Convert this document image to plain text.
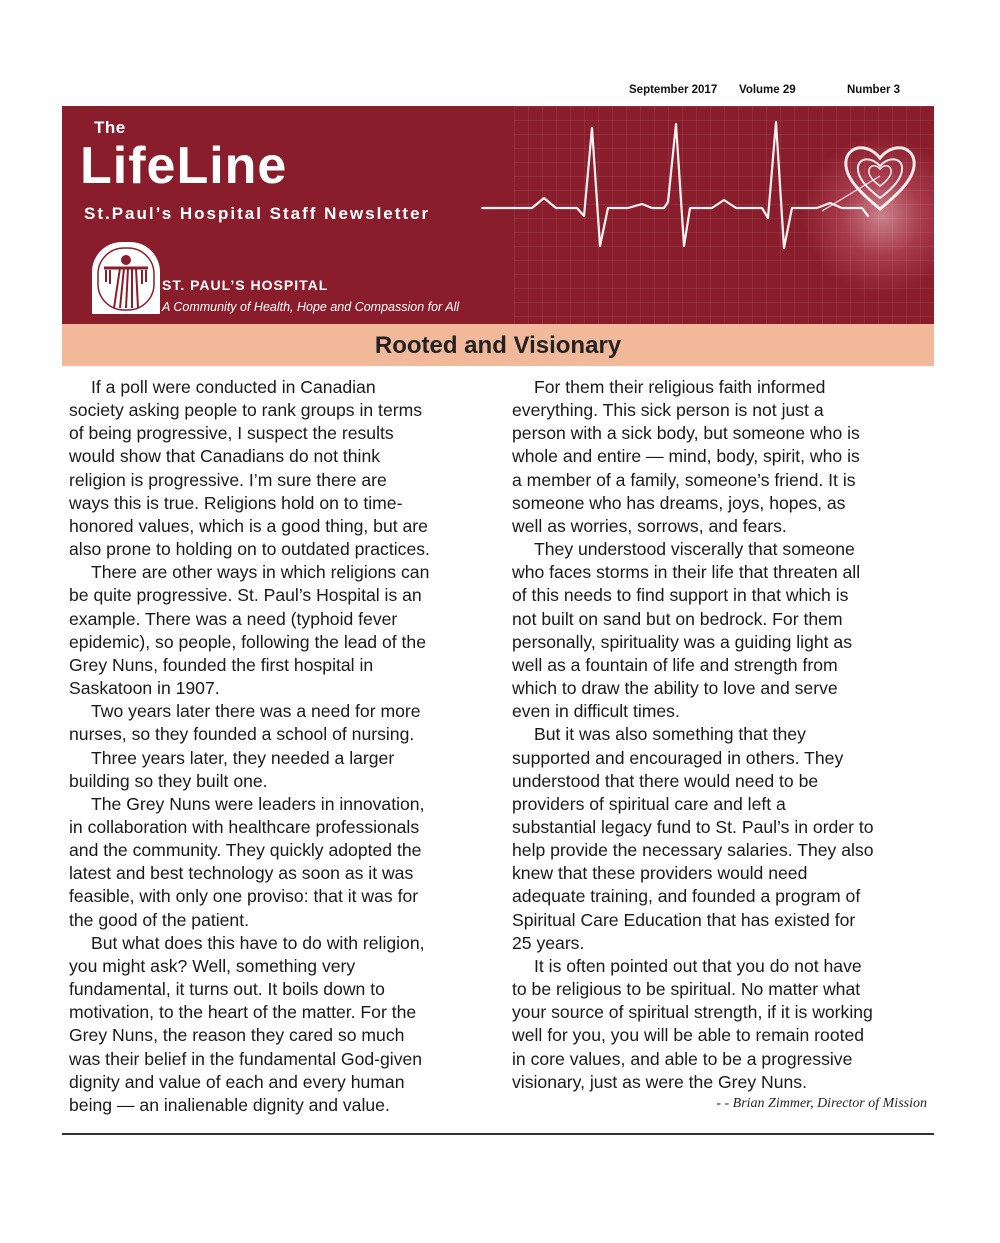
September 2017 Volume 29	Number 3
The
LifeLine
St.Paul’s Hospital Staff Newsletter
ST. PAUL’S HOSPITAL
A Community of Health, Hope and Compassion for All
Rooted and Visionary

If a poll were conducted in Canadian
society asking people to rank groups in terms
of being progressive, I suspect the results
would show that Canadians do not think
religion is progressive. I’m sure there are
ways this is true. Religions hold on to time-
honored values, which is a good thing, but are
also prone to holding on to outdated practices.

There are other ways in which religions can
be quite progressive. St. Paul’s Hospital is an
example. There was a need (typhoid fever
epidemic), so people, following the lead of the
Grey Nuns, founded the first hospital in
Saskatoon in 1907.

Two years later there was a need for more
nurses, so they founded a school of nursing.

Three years later, they needed a larger
building so they built one.

The Grey Nuns were leaders in innovation,
in collaboration with healthcare professionals
and the community. They quickly adopted the
latest and best technology as soon as it was
feasible, with only one proviso: that it was for
the good of the patient.

But what does this have to do with religion,
you might ask? Well, something very
fundamental, it turns out. It boils down to
motivation, to the heart of the matter. For the
Grey Nuns, the reason they cared so much
was their belief in the fundamental God-given
dignity and value of each and every human
being — an inalienable dignity and value.

For them their religious faith informed
everything. This sick person is not just a
person with a sick body, but someone who is
whole and entire — mind, body, spirit, who is
a member of a family, someone’s friend. It is
someone who has dreams, joys, hopes, as
well as worries, sorrows, and fears.

They understood viscerally that someone
who faces storms in their life that threaten all
of this needs to find support in that which is
not built on sand but on bedrock. For them
personally, spirituality was a guiding light as
well as a fountain of life and strength from
which to draw the ability to love and serve
even in difficult times.

But it was also something that they
supported and encouraged in others. They
understood that there would need to be
providers of spiritual care and left a
substantial legacy fund to St. Paul’s in order to
help provide the necessary salaries. They also
knew that these providers would need
adequate training, and founded a program of
Spiritual Care Education that has existed for
25 years.

It is often pointed out that you do not have
to be religious to be spiritual. No matter what
your source of spiritual strength, if it is working
well for you, you will be able to remain rooted
in core values, and able to be a progressive
visionary, just as were the Grey Nuns.

- - Brian Zimmer, Director of Mission
